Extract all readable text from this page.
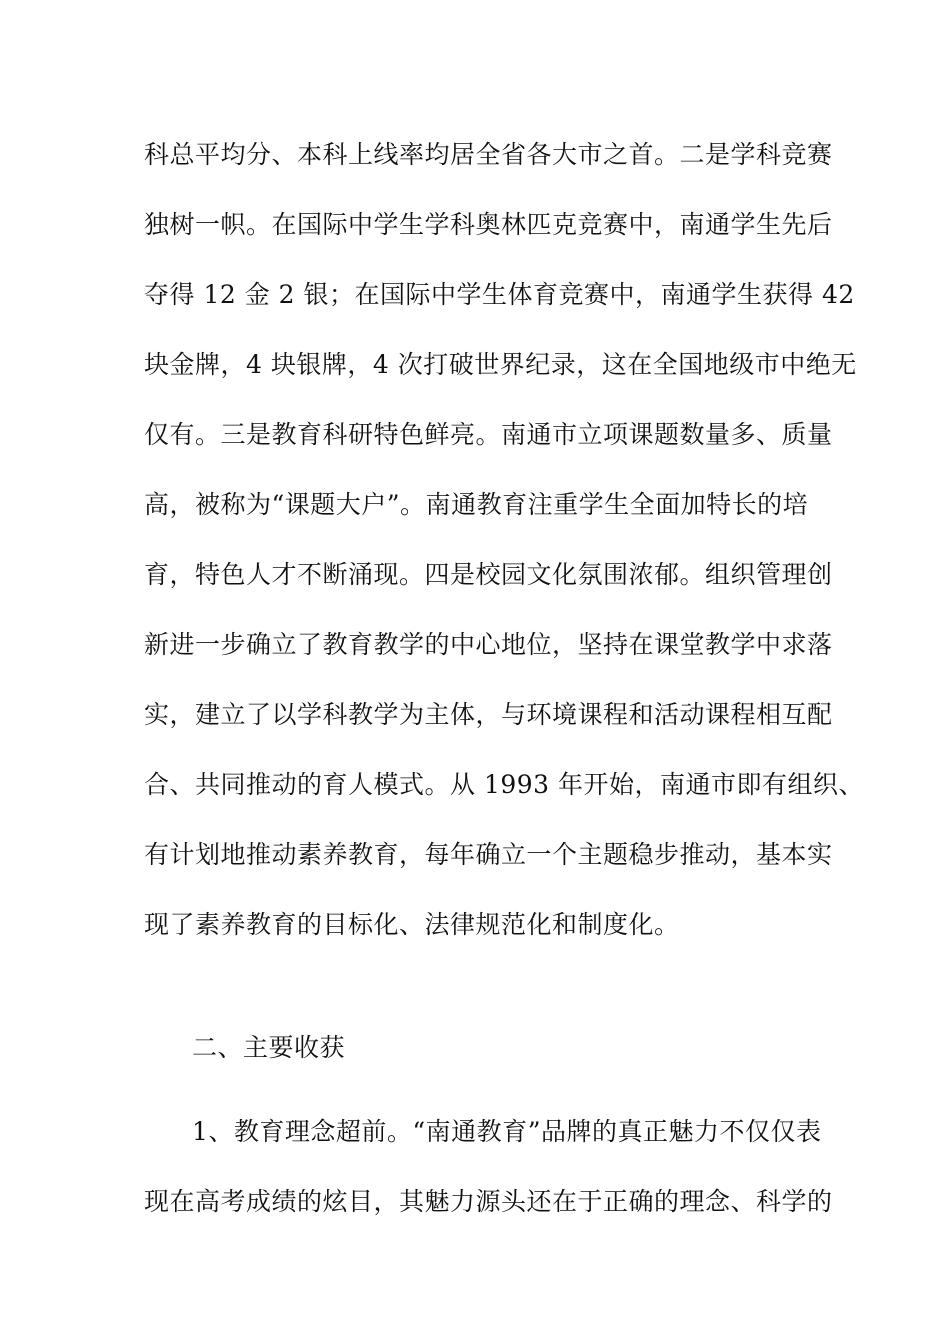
科总平均分、本科上线率均居全省各大市之首。二是学科竞赛
独树一帜。在国际中学生学科奥林匹克竞赛中，南通学生先后
夺得 12 金 2 银；在国际中学生体育竞赛中，南通学生获得 42
块金牌，4 块银牌，4 次打破世界纪录，这在全国地级市中绝无
仅有。三是教育科研特色鲜亮。南通市立项课题数量多、质量
高，被称为“课题大户”。南通教育注重学生全面加特长的培
育，特色人才不断涌现。四是校园文化氛围浓郁。组织管理创
新进一步确立了教育教学的中心地位，坚持在课堂教学中求落
实，建立了以学科教学为主体，与环境课程和活动课程相互配
合、共同推动的育人模式。从 1993 年开始，南通市即有组织、
有计划地推动素养教育，每年确立一个主题稳步推动，基本实
现了素养教育的目标化、法律规范化和制度化。
二、主要收获
1、教育理念超前。“南通教育”品牌的真正魅力不仅仅表
现在高考成绩的炫目，其魅力源头还在于正确的理念、科学的
